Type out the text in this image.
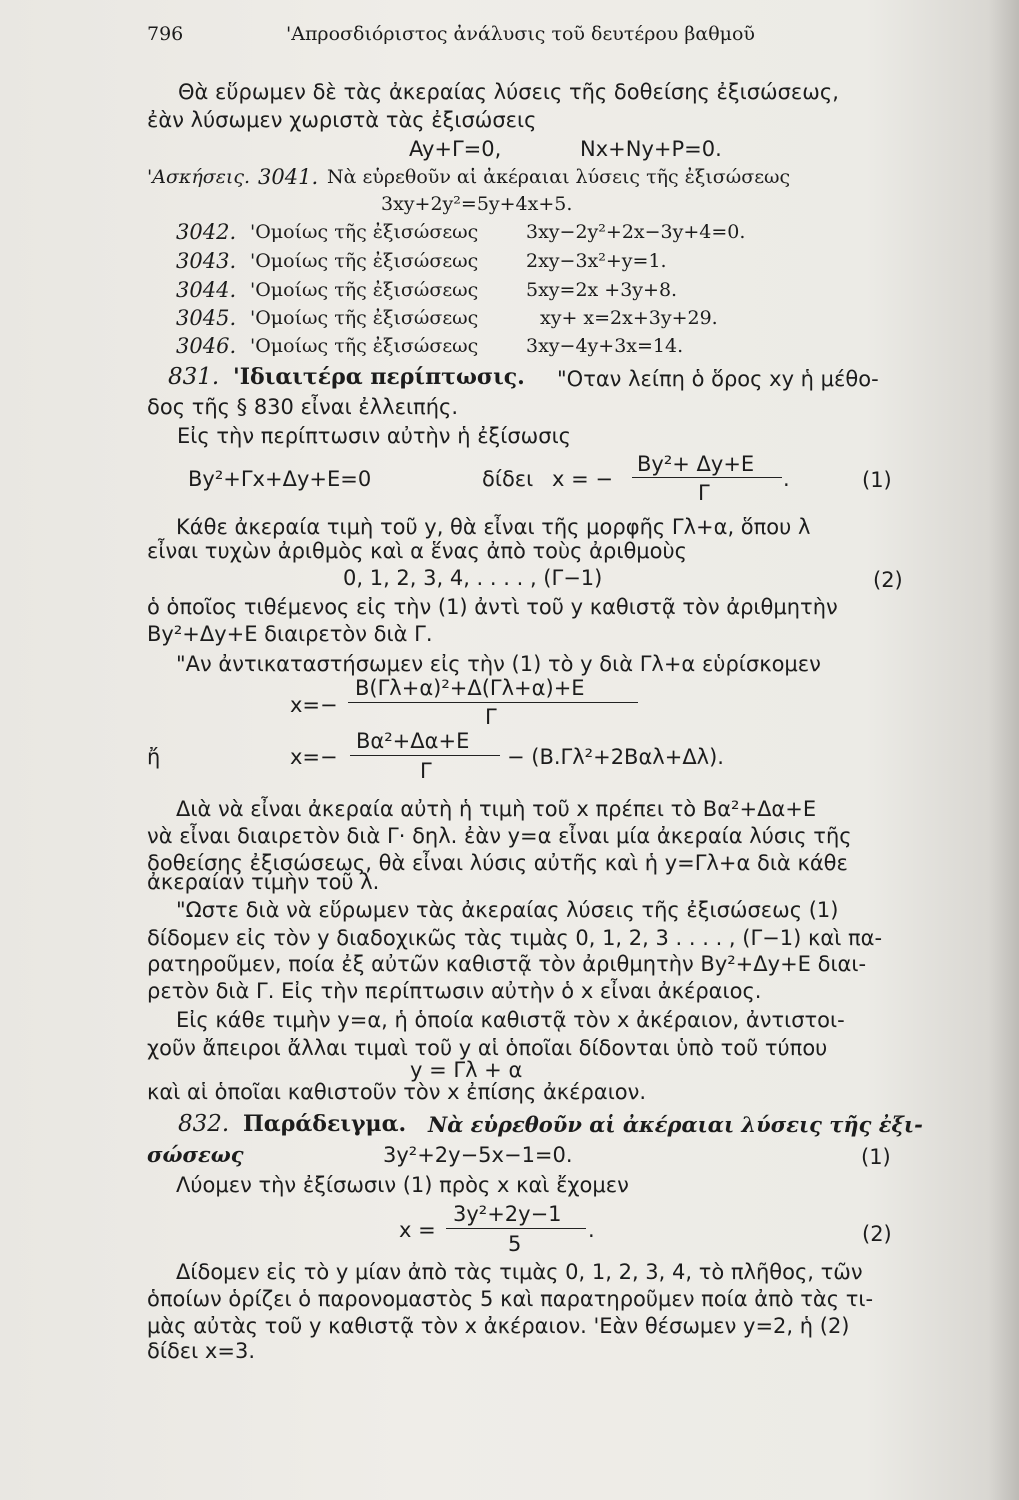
796	'Απροσδιόριστος ἀνάλυσις τοῦ δευτέρου βαθμοῦ
Θὰ εὕρωμεν δὲ τὰς ἀκεραίας λύσεις τῆς δοθείσης ἐξισώσεως,
ἐὰν λύσωμεν χωριστὰ τὰς ἐξισώσεις
Ay+Γ=0,	Nx+Ny+P=0.
'Ασκήσεις. 3041. Νὰ εὑρεθοῦν αἱ ἀκέραιαι λύσεις τῆς ἐξισώσεως
3xy+2y²=5y+4x+5.
3042. 'Ομοίως τῆς ἐξισώσεως	3xy−2y²+2x−3y+4=0.
3043. 'Ομοίως τῆς ἐξισώσεως	2xy−3x²+y=1.
3044. 'Ομοίως τῆς ἐξισώσεως	5xy=2x +3y+8.
3045. 'Ομοίως τῆς ἐξισώσεως	xy+ x=2x+3y+29.
3046. 'Ομοίως τῆς ἐξισώσεως	3xy−4y+3x=14.
831. 'Ιδιαιτέρα περίπτωσις. "Οταν λείπη ὁ ὅρος xy ἡ μέθο-
δος τῆς § 830 εἶναι ἐλλειπής.
Εἰς τὴν περίπτωσιν αὐτὴν ἡ ἐξίσωσις
By²+Γx+Δy+E=0	δίδει x = −
By²+ Δy+E
Γ
.	(1)
Κάθε ἀκεραία τιμὴ τοῦ y, θὰ εἶναι τῆς μορφῆς Γλ+α, ὅπου λ
εἶναι τυχὼν ἀριθμὸς καὶ α ἕνας ἀπὸ τοὺς ἀριθμοὺς
0, 1, 2, 3, 4, . . . . , (Γ−1)	(2)
ὁ ὁποῖος τιθέμενος εἰς τὴν (1) ἀντὶ τοῦ y καθιστᾷ τὸν ἀριθμητὴν
By²+Δy+E διαιρετὸν διὰ Γ.
"Αν ἀντικαταστήσωμεν εἰς τὴν (1) τὸ y διὰ Γλ+α εὑρίσκομεν
x=−
B(Γλ+α)²+Δ(Γλ+α)+E
Γ
ἤ	x=−
Bα²+Δα+E
Γ
− (B.Γλ²+2Bαλ+Δλ).
Διὰ νὰ εἶναι ἀκεραία αὐτὴ ἡ τιμὴ τοῦ x πρέπει τὸ Bα²+Δα+E
νὰ εἶναι διαιρετὸν διὰ Γ· δηλ. ἐὰν y=α εἶναι μία ἀκεραία λύσις τῆς
δοθείσης ἐξισώσεως, θὰ εἶναι λύσις αὐτῆς καὶ ἡ y=Γλ+α διὰ κάθε
ἀκεραίαν τιμὴν τοῦ λ.
"Ωστε διὰ νὰ εὕρωμεν τὰς ἀκεραίας λύσεις τῆς ἐξισώσεως (1)
δίδομεν εἰς τὸν y διαδοχικῶς τὰς τιμὰς 0, 1, 2, 3 . . . . , (Γ−1) καὶ πα-
ρατηροῦμεν, ποία ἐξ αὐτῶν καθιστᾷ τὸν ἀριθμητὴν By²+Δy+E διαι-
ρετὸν διὰ Γ. Εἰς τὴν περίπτωσιν αὐτὴν ὁ x εἶναι ἀκέραιος.
Εἰς κάθε τιμὴν y=α, ἡ ὁποία καθιστᾷ τὸν x ἀκέραιον, ἀντιστοι-
χοῦν ἄπειροι ἄλλαι τιμαὶ τοῦ y αἱ ὁποῖαι δίδονται ὑπὸ τοῦ τύπου
y = Γλ + α
καὶ αἱ ὁποῖαι καθιστοῦν τὸν x ἐπίσης ἀκέραιον.
832. Παράδειγμα. Νὰ εὑρεθοῦν αἱ ἀκέραιαι λύσεις τῆς ἐξι-
σώσεως	3y²+2y−5x−1=0.	(1)
Λύομεν τὴν ἐξίσωσιν (1) πρὸς x καὶ ἔχομεν
x =
3y²+2y−1
5
.	(2)
Δίδομεν εἰς τὸ y μίαν ἀπὸ τὰς τιμὰς 0, 1, 2, 3, 4, τὸ πλῆθος, τῶν
ὁποίων ὁρίζει ὁ παρονομαστὸς 5 καὶ παρατηροῦμεν ποία ἀπὸ τὰς τι-
μὰς αὐτὰς τοῦ y καθιστᾷ τὸν x ἀκέραιον. 'Εὰν θέσωμεν y=2, ἡ (2)
δίδει x=3.
